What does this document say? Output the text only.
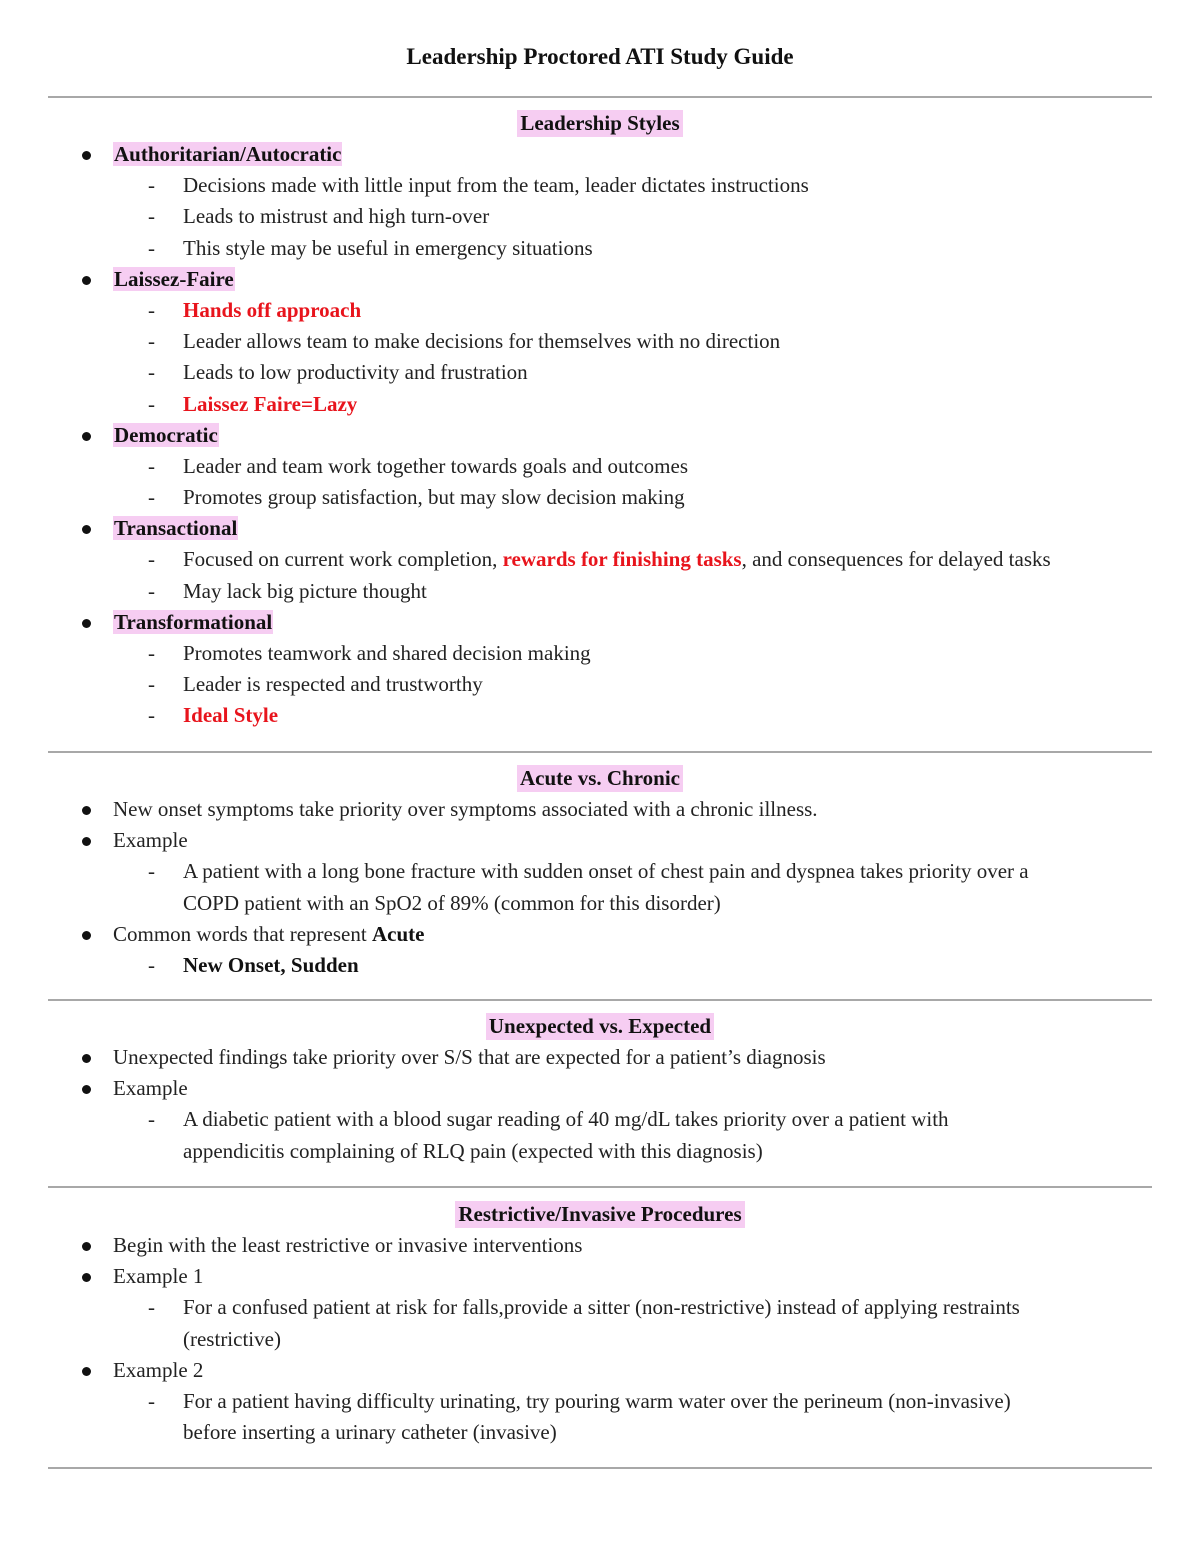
Leadership Proctored ATI Study Guide
Leadership Styles
Authoritarian/Autocratic
- Decisions made with little input from the team, leader dictates instructions
- Leads to mistrust and high turn-over
- This style may be useful in emergency situations
Laissez-Faire
- Hands off approach
- Leader allows team to make decisions for themselves with no direction
- Leads to low productivity and frustration
- Laissez Faire=Lazy
Democratic
- Leader and team work together towards goals and outcomes
- Promotes group satisfaction, but may slow decision making
Transactional
- Focused on current work completion, rewards for finishing tasks, and consequences for delayed tasks
- May lack big picture thought
Transformational
- Promotes teamwork and shared decision making
- Leader is respected and trustworthy
- Ideal Style
Acute vs. Chronic
New onset symptoms take priority over symptoms associated with a chronic illness.
Example
- A patient with a long bone fracture with sudden onset of chest pain and dyspnea takes priority over a
COPD patient with an SpO2 of 89% (common for this disorder)
Common words that represent Acute
- New Onset, Sudden
Unexpected vs. Expected
Unexpected findings take priority over S/S that are expected for a patient’s diagnosis
Example
- A diabetic patient with a blood sugar reading of 40 mg/dL takes priority over a patient with
appendicitis complaining of RLQ pain (expected with this diagnosis)
Restrictive/Invasive Procedures
Begin with the least restrictive or invasive interventions
Example 1
- For a confused patient at risk for falls,provide a sitter (non-restrictive) instead of applying restraints
(restrictive)
Example 2
- For a patient having difficulty urinating, try pouring warm water over the perineum (non-invasive)
before inserting a urinary catheter (invasive)
